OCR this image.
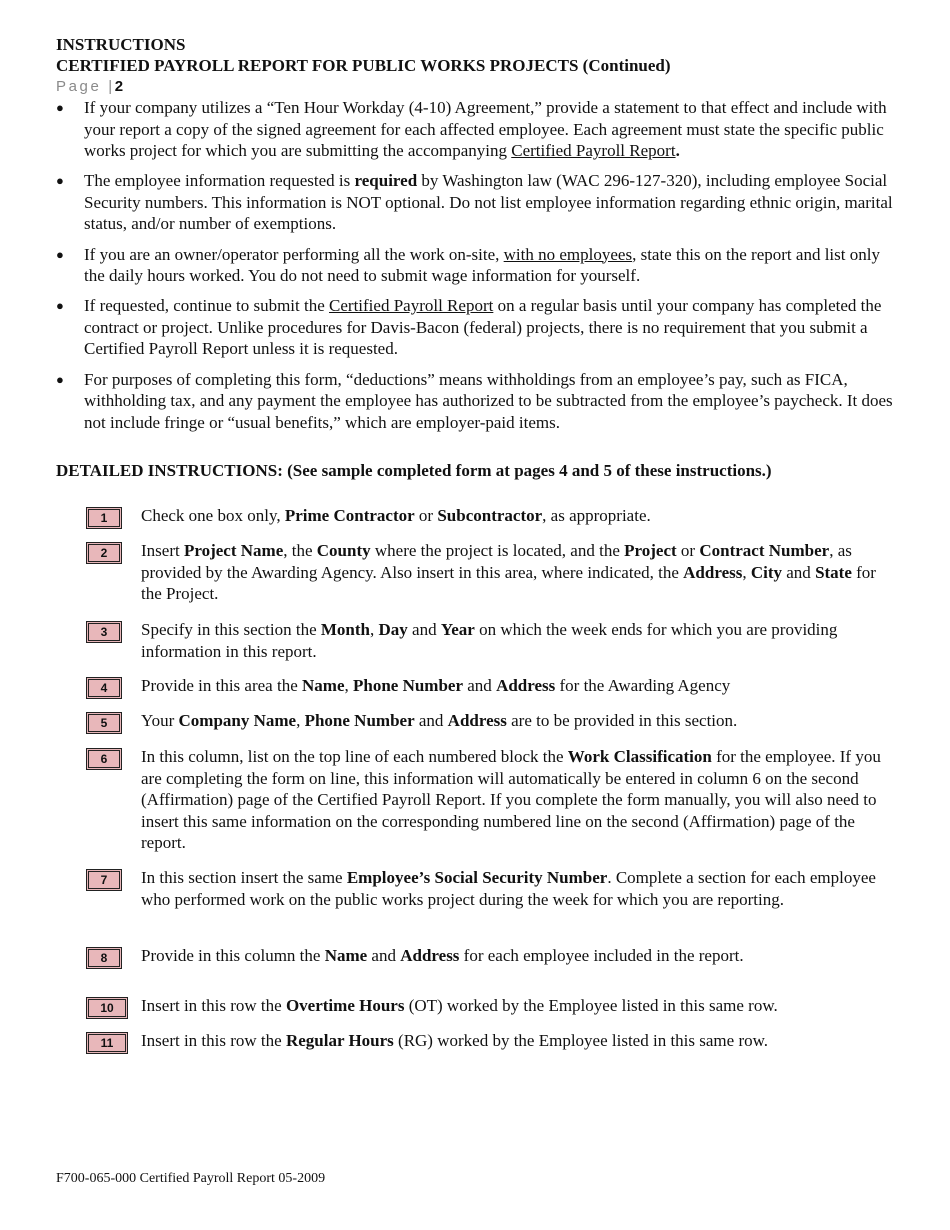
INSTRUCTIONS
CERTIFIED PAYROLL REPORT FOR PUBLIC WORKS PROJECTS (Continued)
Page |2
● If your company utilizes a “Ten Hour Workday (4-10) Agreement,” provide a statement to that effect and include with your report a copy of the signed agreement for each affected employee. Each agreement must state the specific public works project for which you are submitting the accompanying Certified Payroll Report.
● The employee information requested is required by Washington law (WAC 296-127-320), including employee Social Security numbers. This information is NOT optional. Do not list employee information regarding ethnic origin, marital status, and/or number of exemptions.
● If you are an owner/operator performing all the work on-site, with no employees, state this on the report and list only the daily hours worked. You do not need to submit wage information for yourself.
● If requested, continue to submit the Certified Payroll Report on a regular basis until your company has completed the contract or project. Unlike procedures for Davis-Bacon (federal) projects, there is no requirement that you submit a Certified Payroll Report unless it is requested.
● For purposes of completing this form, “deductions” means withholdings from an employee’s pay, such as FICA, withholding tax, and any payment the employee has authorized to be subtracted from the employee’s paycheck. It does not include fringe or “usual benefits,” which are employer-paid items.
DETAILED INSTRUCTIONS: (See sample completed form at pages 4 and 5 of these instructions.)
1	Check one box only, Prime Contractor or Subcontractor, as appropriate.
2	Insert Project Name, the County where the project is located, and the Project or Contract Number, as provided by the Awarding Agency. Also insert in this area, where indicated, the Address, City and State for the Project.
3	Specify in this section the Month, Day and Year on which the week ends for which you are providing information in this report.
4	Provide in this area the Name, Phone Number and Address for the Awarding Agency
5	Your Company Name, Phone Number and Address are to be provided in this section.
6	In this column, list on the top line of each numbered block the Work Classification for the employee. If you are completing the form on line, this information will automatically be entered in column 6 on the second (Affirmation) page of the Certified Payroll Report. If you complete the form manually, you will also need to insert this same information on the corresponding numbered line on the second (Affirmation) page of the report.
7	In this section insert the same Employee’s Social Security Number. Complete a section for each employee who performed work on the public works project during the week for which you are reporting.
8	Provide in this column the Name and Address for each employee included in the report.
10	Insert in this row the Overtime Hours (OT) worked by the Employee listed in this same row.
11	Insert in this row the Regular Hours (RG) worked by the Employee listed in this same row.
F700-065-000 Certified Payroll Report 05-2009
